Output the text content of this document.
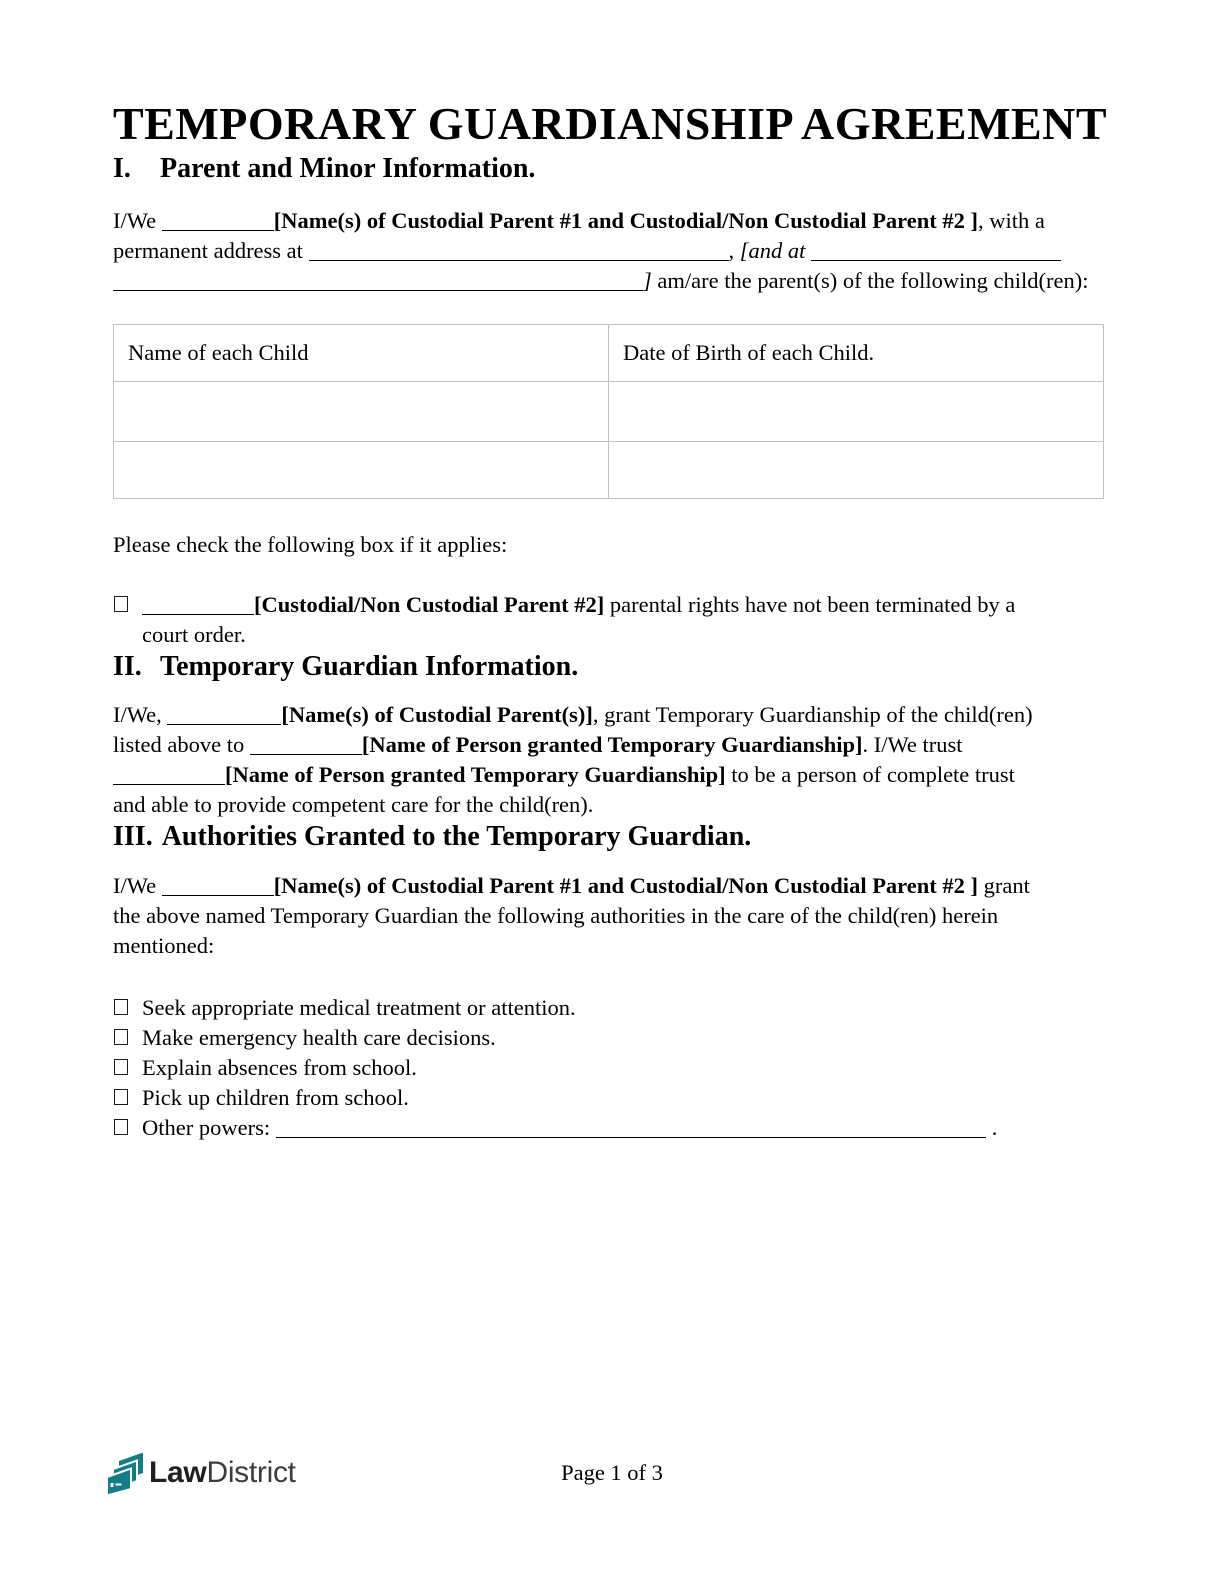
TEMPORARY GUARDIANSHIP AGREEMENT
I.	Parent and Minor Information.
I/We	[Name(s) of Custodial Parent #1 and Custodial/Non Custodial Parent #2 ], with a
permanent address at	, [and at
] am/are the parent(s) of the following child(ren):
Name of each Child	Date of Birth of each Child.

Please check the following box if it applies:
[Custodial/Non Custodial Parent #2] parental rights have not been terminated by a
court order.
II. Temporary Guardian Information.
I/We,	[Name(s) of Custodial Parent(s)], grant Temporary Guardianship of the child(ren)
listed above to	[Name of Person granted Temporary Guardianship]. I/We trust
[Name of Person granted Temporary Guardianship] to be a person of complete trust
and able to provide competent care for the child(ren).
III. Authorities Granted to the Temporary Guardian.
I/We	[Name(s) of Custodial Parent #1 and Custodial/Non Custodial Parent #2 ] grant
the above named Temporary Guardian the following authorities in the care of the child(ren) herein
mentioned:
Seek appropriate medical treatment or attention.
Make emergency health care decisions.
Explain absences from school.
Pick up children from school.
Other powers:	.
Law District	Page 1 of 3
